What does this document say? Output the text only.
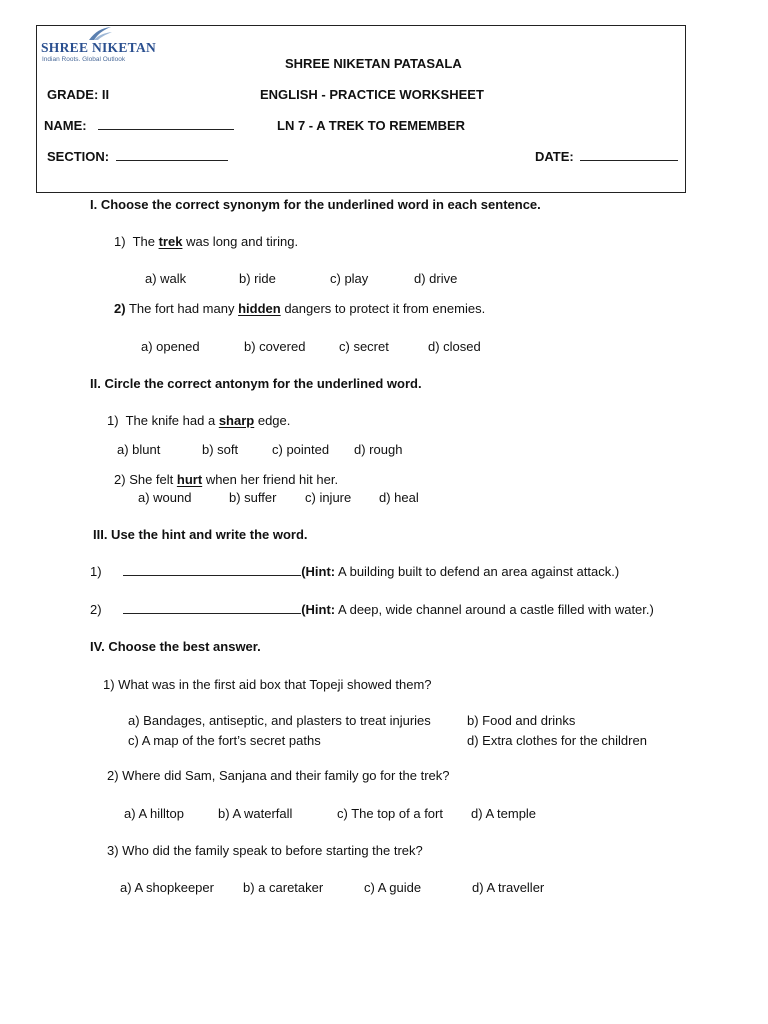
SHREE NIKETAN
Indian Roots. Global Outlook	SHREE NIKETAN PATASALA
GRADE: II	ENGLISH - PRACTICE WORKSHEET
NAME:	LN 7 - A TREK TO REMEMBER
SECTION:	DATE:
I. Choose the correct synonym for the underlined word in each sentence.
1) The trek was long and tiring.
a) walk	b) ride	c) play	d) drive
2) The fort had many hidden dangers to protect it from enemies.
a) opened	b) covered	c) secret	d) closed
II. Circle the correct antonym for the underlined word.
1) The knife had a sharp edge.
a) blunt	b) soft	c) pointed d) rough
2) She felt hurt when her friend hit her.
a) wound	b) suffer c) injure d) heal
III. Use the hint and write the word.
1)	(Hint: A building built to defend an area against attack.)
2)	(Hint: A deep, wide channel around a castle filled with water.)
IV. Choose the best answer.
1) What was in the first aid box that Topeji showed them?
a) Bandages, antiseptic, and plasters to treat injuries	b) Food and drinks
c) A map of the fort’s secret paths	d) Extra clothes for the children
2) Where did Sam, Sanjana and their family go for the trek?
a) A hilltop	b) A waterfall	c) The top of a fort d) A temple
3) Who did the family speak to before starting the trek?
a) A shopkeeper b) a caretaker	c) A guide	d) A traveller
